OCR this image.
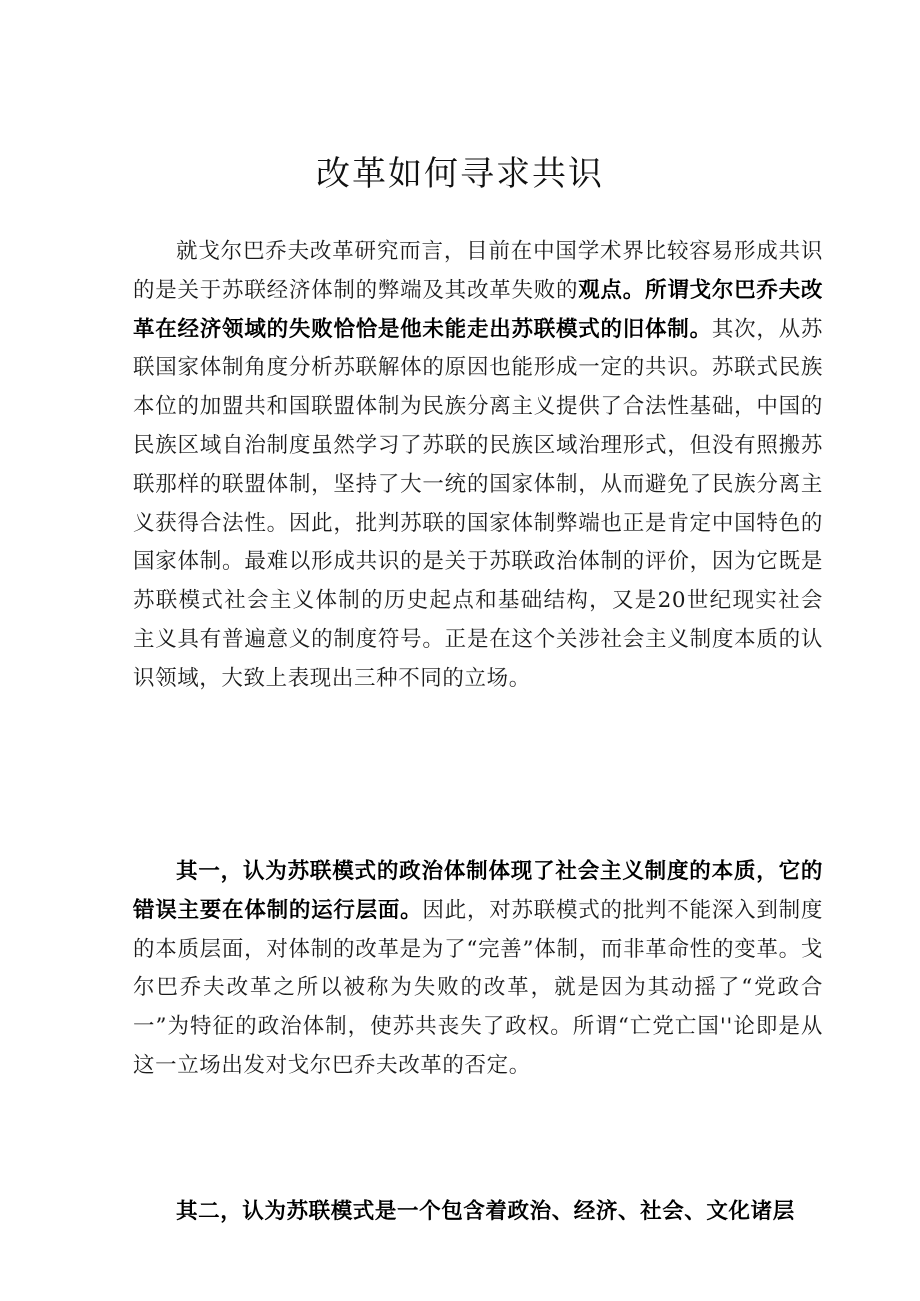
改革如何寻求共识

就戈尔巴乔夫改革研究而言，目前在中国学术界比较容易形成共识的是关于苏联经济体制的弊端及其改革失败的观点。所谓戈尔巴乔夫改革在经济领域的失败恰恰是他未能走出苏联模式的旧体制。其次，从苏联国家体制角度分析苏联解体的原因也能形成一定的共识。苏联式民族本位的加盟共和国联盟体制为民族分离主义提供了合法性基础，中国的民族区域自治制度虽然学习了苏联的民族区域治理形式，但没有照搬苏联那样的联盟体制，坚持了大一统的国家体制，从而避免了民族分离主义获得合法性。因此，批判苏联的国家体制弊端也正是肯定中国特色的国家体制。最难以形成共识的是关于苏联政治体制的评价，因为它既是苏联模式社会主义体制的历史起点和基础结构，又是20世纪现实社会主义具有普遍意义的制度符号。正是在这个关涉社会主义制度本质的认识领域，大致上表现出三种不同的立场。

其一，认为苏联模式的政治体制体现了社会主义制度的本质，它的错误主要在体制的运行层面。因此，对苏联模式的批判不能深入到制度的本质层面，对体制的改革是为了“完善”体制，而非革命性的变革。戈尔巴乔夫改革之所以被称为失败的改革，就是因为其动摇了“党政合一”为特征的政治体制，使苏共丧失了政权。所谓“亡党亡国''论即是从这一立场出发对戈尔巴乔夫改革的否定。

其二，认为苏联模式是一个包含着政治、经济、社会、文化诸层
